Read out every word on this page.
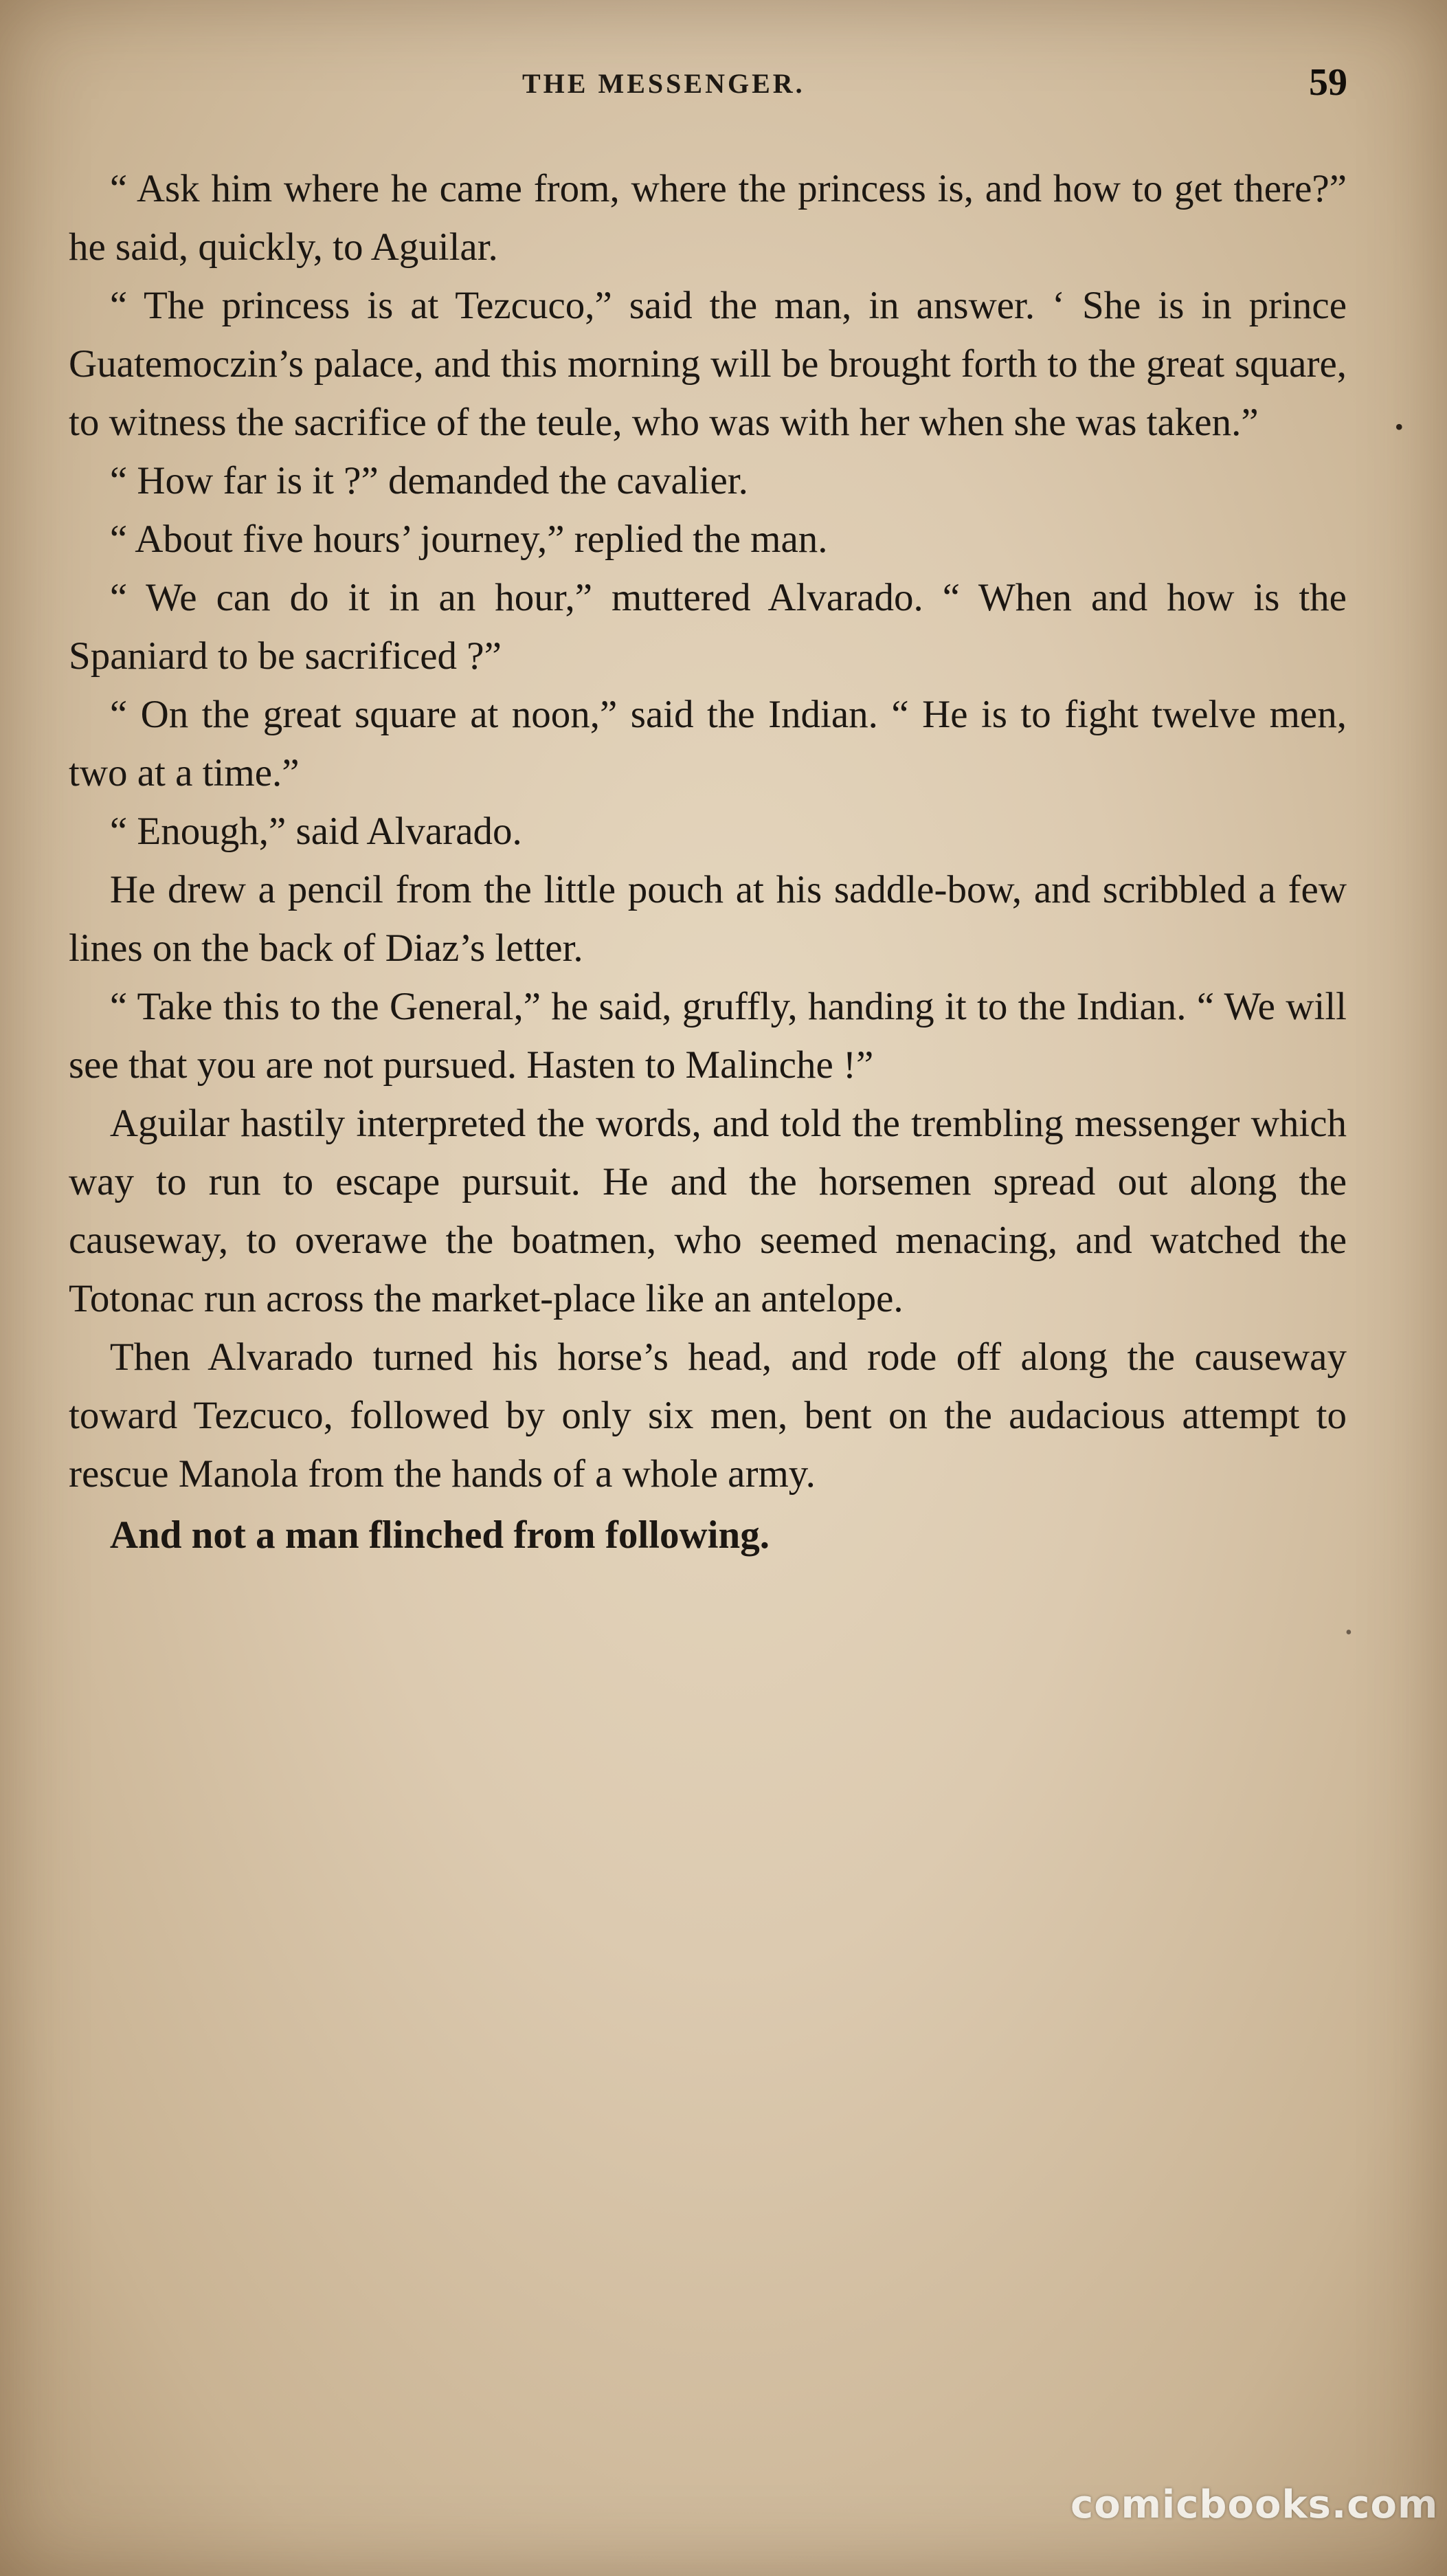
THE MESSENGER.	59

“ Ask him where he came from, where the princess is, and how to get there?” he said, quickly, to Aguilar.

“ The princess is at Tezcuco,” said the man, in answer. ‘ She is in prince Guatemoczin’s palace, and this morning will be brought forth to the great square, to witness the sacrifice of the teule, who was with her when she was taken.”

“ How far is it ?” demanded the cavalier.

“ About five hours’ journey,” replied the man.

“ We can do it in an hour,” muttered Alvarado. “ When and how is the Spaniard to be sacrificed ?”

“ On the great square at noon,” said the Indian. “ He is to fight twelve men, two at a time.”

“ Enough,” said Alvarado.

He drew a pencil from the little pouch at his saddle-bow, and scribbled a few lines on the back of Diaz’s letter.

“ Take this to the General,” he said, gruffly, handing it to the Indian. “ We will see that you are not pursued. Hasten to Malinche !”

Aguilar hastily interpreted the words, and told the trembling messenger which way to run to escape pursuit. He and the horsemen spread out along the causeway, to overawe the boatmen, who seemed menacing, and watched the Totonac run across the market-place like an antelope.

Then Alvarado turned his horse’s head, and rode off along the causeway toward Tezcuco, followed by only six men, bent on the audacious attempt to rescue Manola from the hands of a whole army.

And not a man flinched from following.

•
•
comicbooks.com
